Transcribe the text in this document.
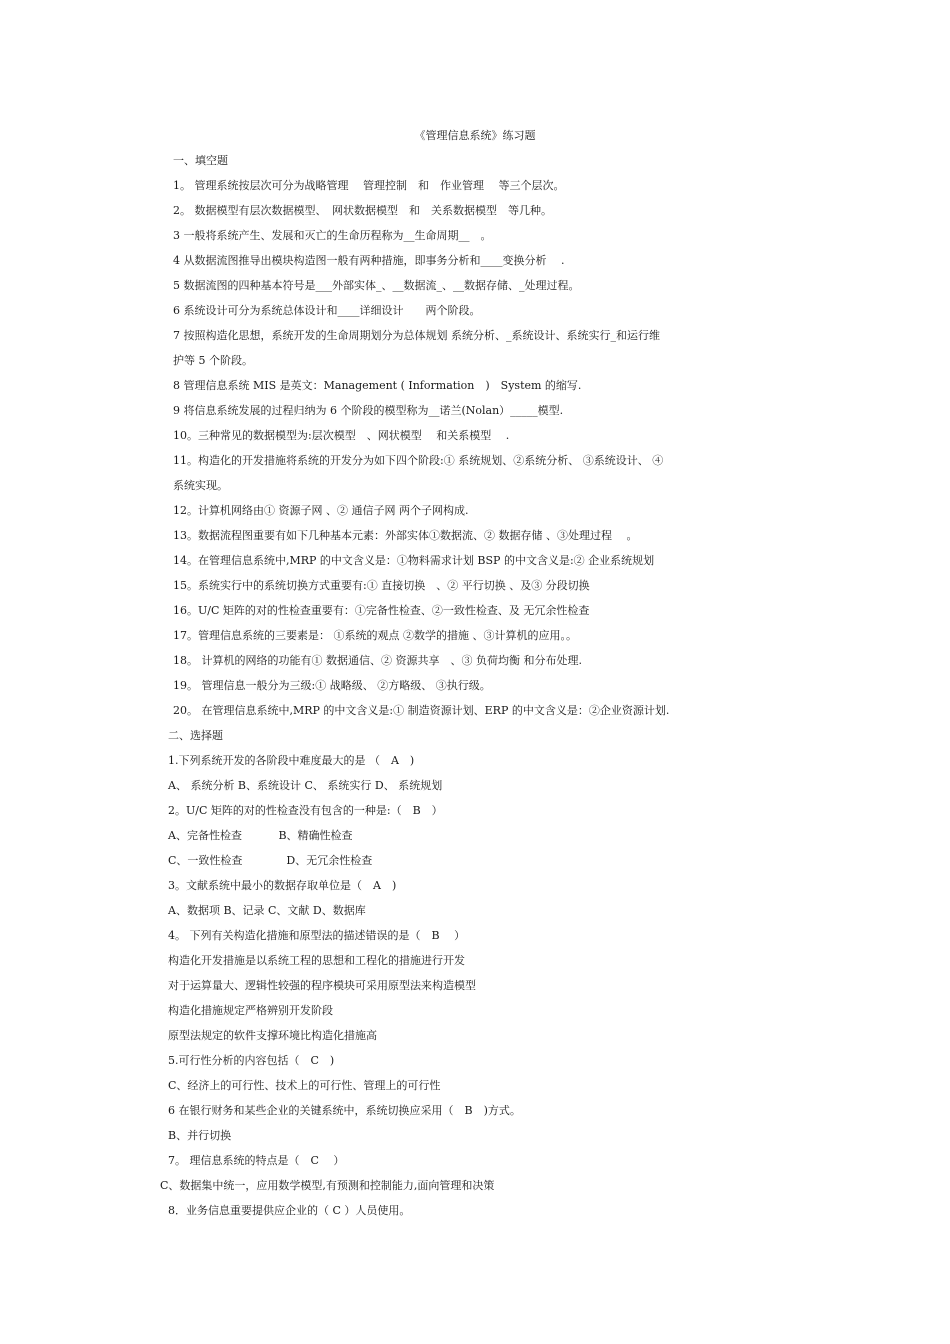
《管理信息系统》练习题
一、填空题
1。 管理系统按层次可分为战略管理　 管理控制　和　作业管理　 等三个层次。
2。 数据模型有层次数据模型、　网状数据模型　和　关系数据模型　等几种。
3 一般将系统产生、发展和灭亡的生命历程称为__生命周期__　。
4 从数据流图推导出模块构造图一般有两种措施，即事务分析和____变换分析　 .
5 数据流图的四种基本符号是___外部实体_、__数据流_、__数据存储、_处理过程。
6 系统设计可分为系统总体设计和____详细设计　　两个阶段。
7 按照构造化思想，系统开发的生命周期划分为总体规划 系统分析、_系统设计、系统实行_和运行维
护等 5 个阶段。
8 管理信息系统 MIS 是英文：Management ( Information　)　System 的缩写.
9 将信息系统发展的过程归纳为 6 个阶段的模型称为__诺兰(Nolan）_____模型.
10。三种常见的数据模型为:层次模型　、网状模型　 和关系模型　 .
11。构造化的开发措施将系统的开发分为如下四个阶段:① 系统规划、②系统分析、 ③系统设计、 ④
系统实现。
12。计算机网络由① 资源子网 、② 通信子网 两个子网构成.
13。数据流程图重要有如下几种基本元素：外部实体①数据流、② 数据存储 、③处理过程　 。
14。在管理信息系统中,MRP 的中文含义是：①物料需求计划 BSP 的中文含义是:② 企业系统规划
15。系统实行中的系统切换方式重要有:① 直接切换　、② 平行切换 、及③ 分段切换
16。U/C 矩阵的对的性检查重要有：①完备性检查、②一致性检查、及 无冗余性检查
17。管理信息系统的三要素是： ①系统的观点 ②数学的措施 、③计算机的应用。。
18。 计算机的网络的功能有① 数据通信、② 资源共享　、③ 负荷均衡 和分布处理.
19。 管理信息一般分为三级:① 战略级、 ②方略级、 ③执行级。
20。 在管理信息系统中,MRP 的中文含义是:① 制造资源计划、ERP 的中文含义是：②企业资源计划.
二、选择题
1.下列系统开发的各阶段中难度最大的是 （　A　)
A、 系统分析 B、系统设计 C、 系统实行 D、 系统规划
2。U/C 矩阵的对的性检查没有包含的一种是:（　B　）
A、完备性检查　　　 B、精确性检查
C、一致性检查　　　　D、无冗余性检查
3。文献系统中最小的数据存取单位是（　A　)
A、数据项 B、记录 C、文献 D、数据库
4。 下列有关构造化措施和原型法的描述错误的是（　B　 ）
构造化开发措施是以系统工程的思想和工程化的措施进行开发
对于运算量大、逻辑性较强的程序模块可采用原型法来构造模型
构造化措施规定严格辨别开发阶段
原型法规定的软件支撑环境比构造化措施高
5.可行性分析的内容包括（　C　)
C、经济上的可行性、技术上的可行性、管理上的可行性
6 在银行财务和某些企业的关键系统中，系统切换应采用（　B　)方式。
B、并行切换
7。 理信息系统的特点是（　C　 ）
C、数据集中统一，应用数学模型,有预测和控制能力,面向管理和决策
8．业务信息重要提供应企业的（ C ）人员使用。
